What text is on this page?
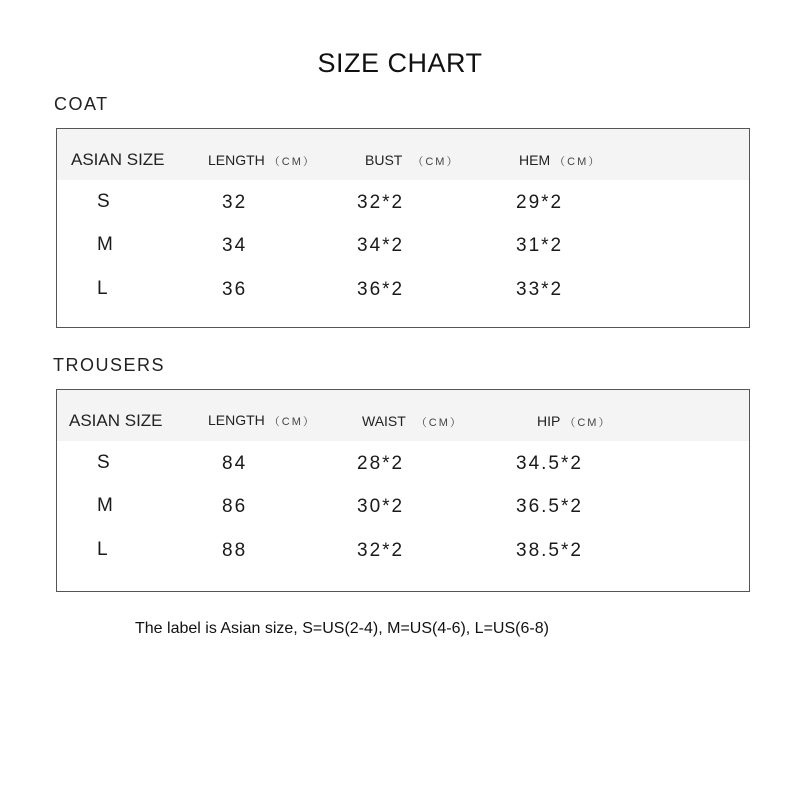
SIZE CHART
COAT
ASIAN SIZE	LENGTH （CM）	BUST （CM）	HEM （CM）
S	32	32*2	29*2
M	34	34*2	31*2
L	36	36*2	33*2
TROUSERS
ASIAN SIZE	LENGTH （CM）	WAIST （CM）	HIP （CM）
S	84	28*2	34.5*2
M	86	30*2	36.5*2
L	88	32*2	38.5*2
The label is Asian size, S=US(2-4), M=US(4-6), L=US(6-8)
